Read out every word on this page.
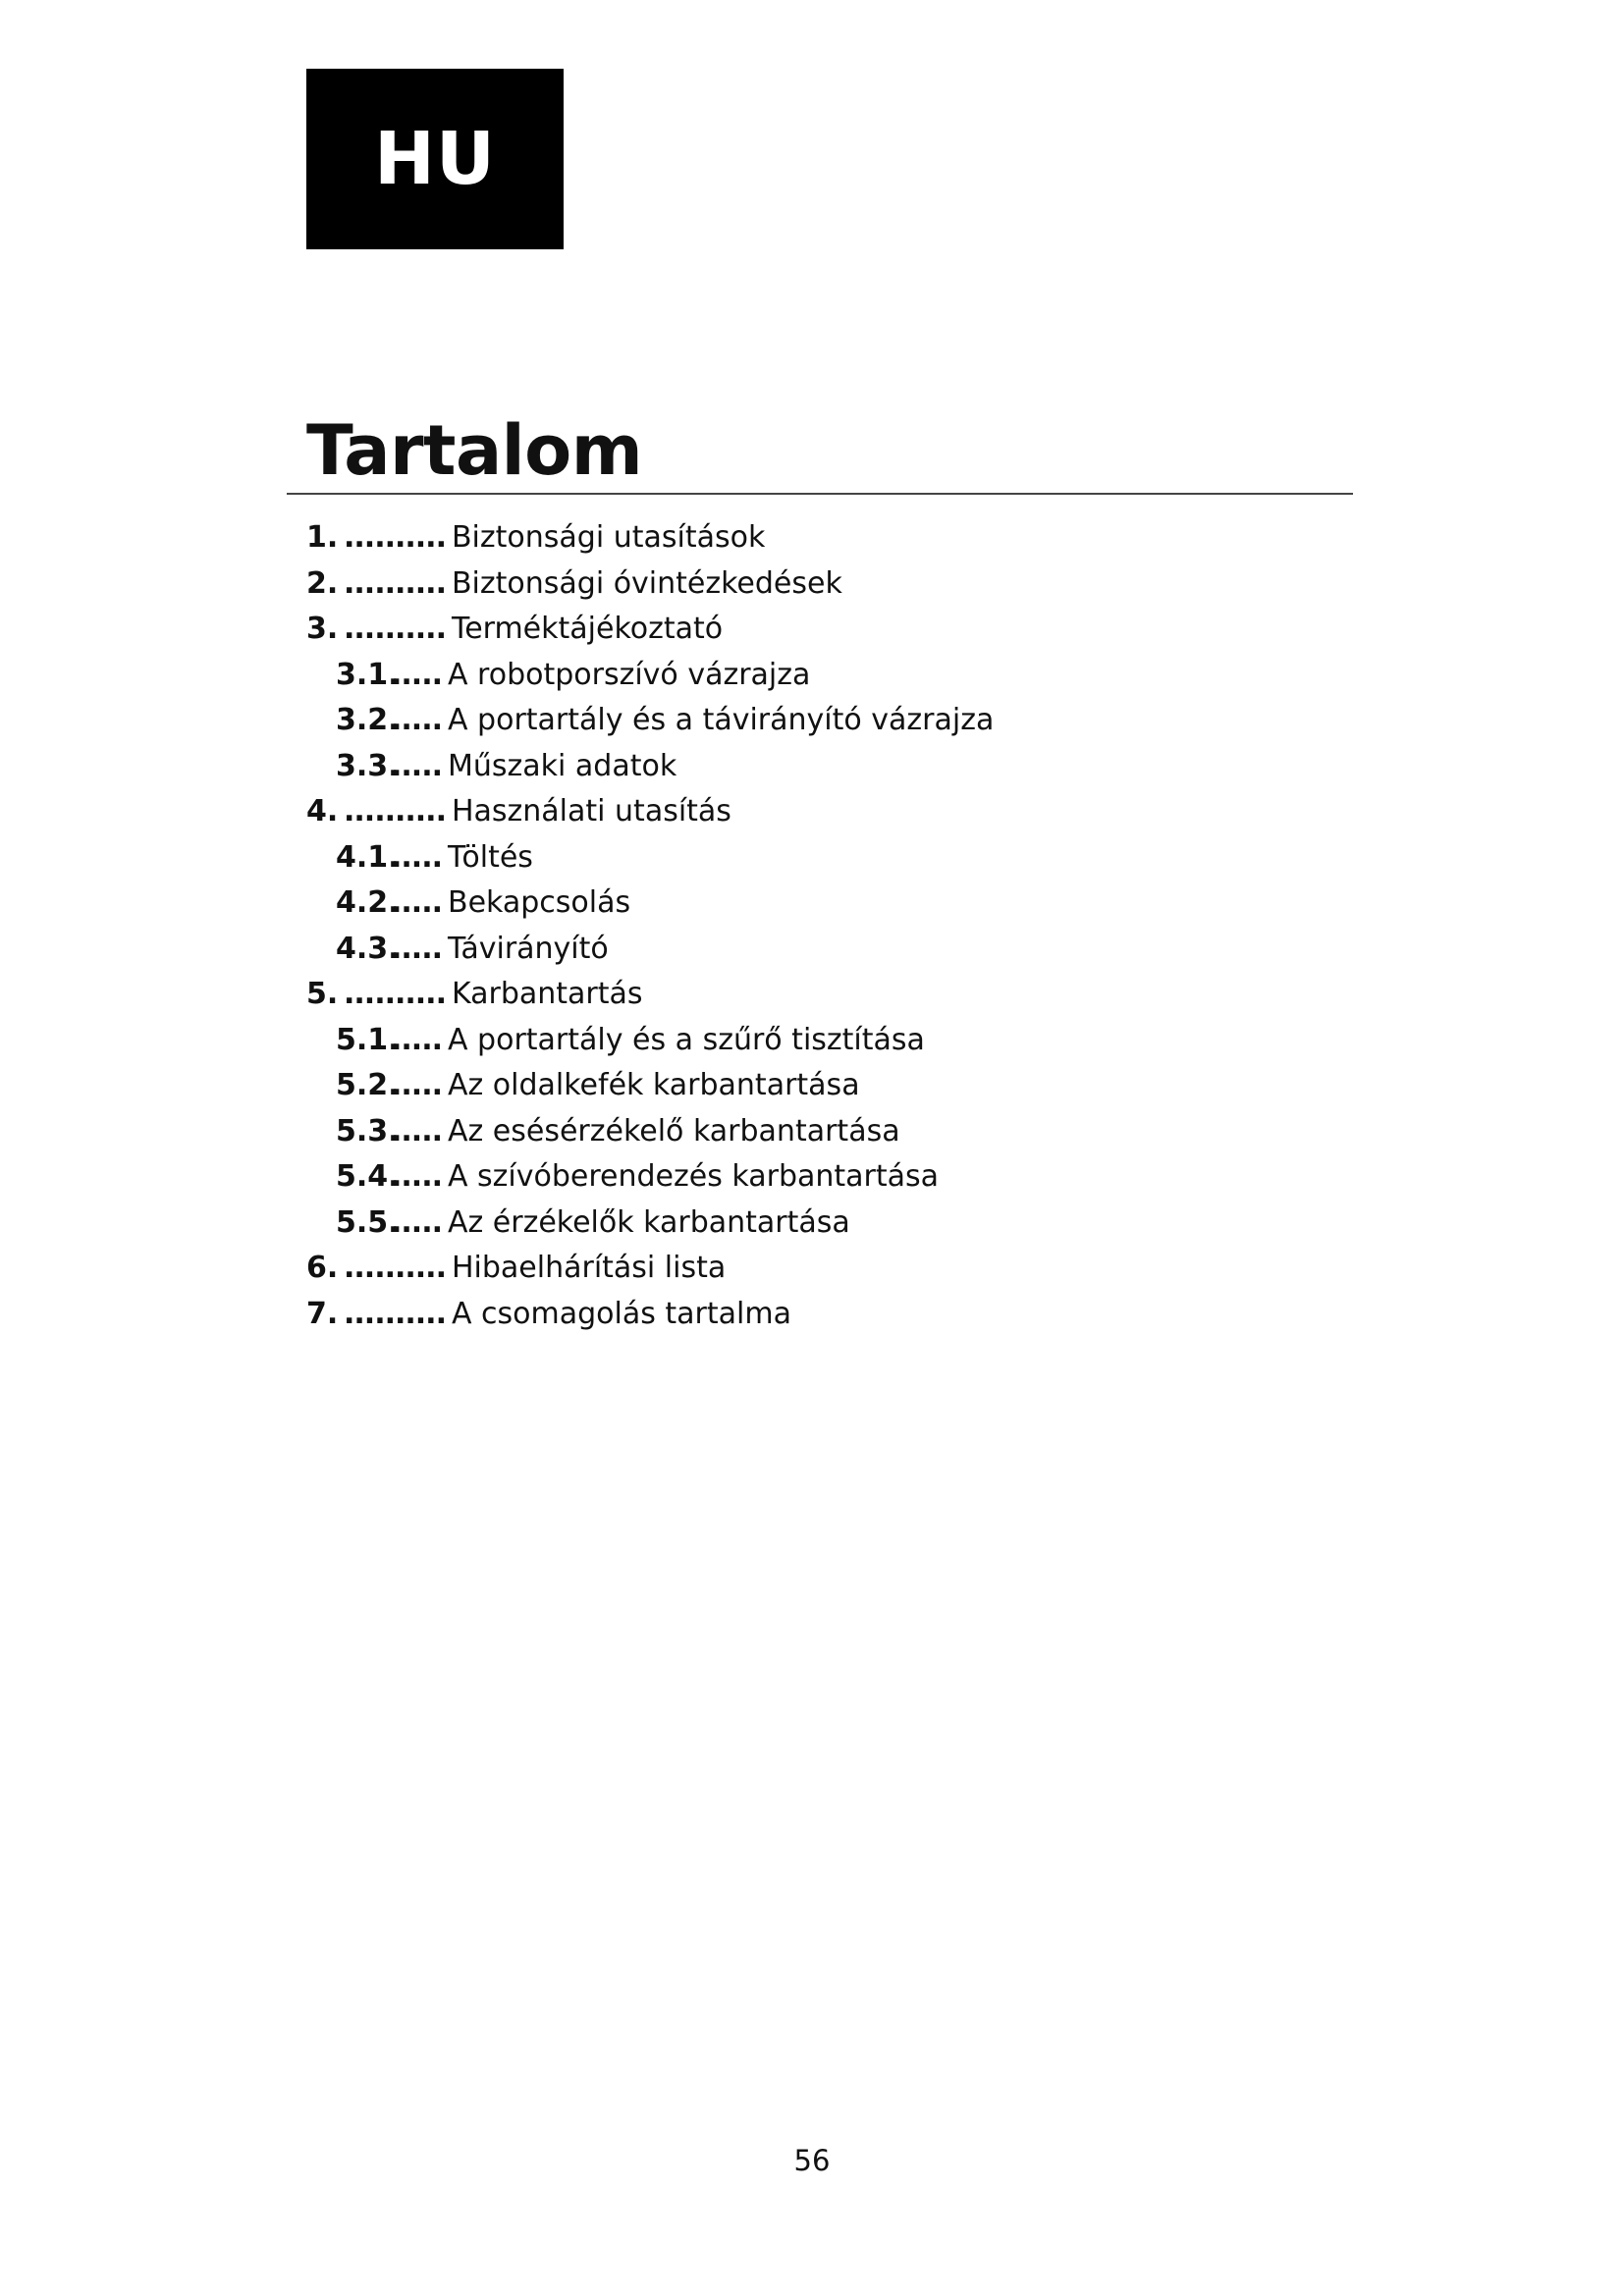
HU
Tartalom
1. .......... Biztonsági utasítások
2. .......... Biztonsági óvintézkedések
3. .......... Terméktájékoztató
3.1.
..... A robotporszívó vázrajza
3.2.
..... A portartály és a távirányító vázrajza
3.3.
..... Műszaki adatok
4. .......... Használati utasítás
4.1.
..... Töltés
4.2.
..... Bekapcsolás
4.3.
..... Távirányító
5. .......... Karbantartás
5.1.
..... A portartály és a szűrő tisztítása
5.2.
..... Az oldalkefék karbantartása
5.3.
..... Az esésérzékelő karbantartása
5.4.
..... A szívóberendezés karbantartása
5.5.
..... Az érzékelők karbantartása
6. .......... Hibaelhárítási lista
7. .......... A csomagolás tartalma
56
